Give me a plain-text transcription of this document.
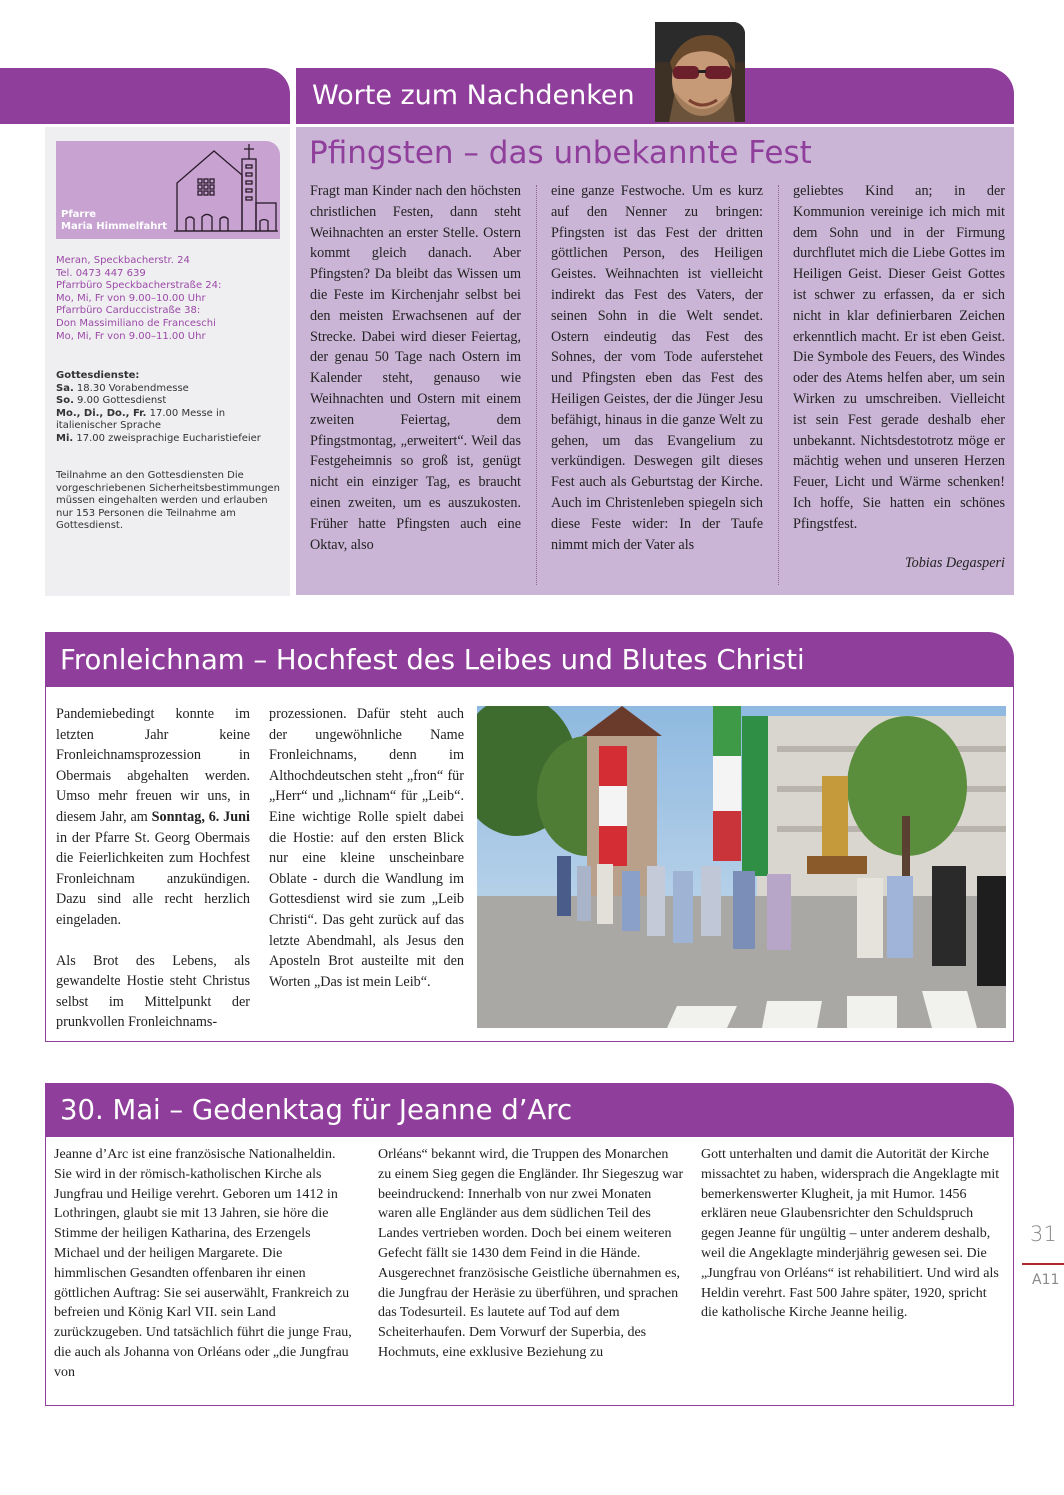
Worte zum Nachdenken
Pfarre
Maria Himmelfahrt
Meran, Speckbacherstr. 24
Tel. 0473 447 639
Pfarrbüro Speckbacherstraße 24:
Mo, Mi, Fr von 9.00–10.00 Uhr
Pfarrbüro Carduccistraße 38:
Don Massimiliano de Franceschi
Mo, Mi, Fr von 9.00–11.00 Uhr
Gottesdienste:
Sa. 18.30 Vorabendmesse
So. 9.00 Gottesdienst
Mo., Di., Do., Fr. 17.00 Messe in italienischer Sprache
Mi. 17.00 zweisprachige Eucharistiefeier
Teilnahme an den Gottesdiensten Die vorgeschriebenen Sicherheitsbestimmungen müssen eingehalten werden und erlauben nur 153 Personen die Teilnahme am Gottesdienst.
Pfingsten – das unbekannte Fest
Fragt man Kinder nach den höchsten christlichen Festen, dann steht Weihnachten an erster Stelle. Ostern kommt gleich danach. Aber Pfingsten? Da bleibt das Wissen um die Feste im Kirchenjahr selbst bei den meisten Erwachsenen auf der Strecke. Dabei wird dieser Feiertag, der genau 50 Tage nach Ostern im Kalender steht, genauso wie Weihnachten und Ostern mit einem zweiten Feiertag, dem Pfingstmontag, „erweitert“. Weil das Festgeheimnis so groß ist, genügt nicht ein einziger Tag, es braucht einen zweiten, um es auszukosten. Früher hatte Pfingsten auch eine Oktav, also
eine ganze Festwoche. Um es kurz auf den Nenner zu bringen: Pfingsten ist das Fest der dritten göttlichen Person, des Heiligen Geistes. Weihnachten ist vielleicht indirekt das Fest des Vaters, der seinen Sohn in die Welt sendet. Ostern eindeutig das Fest des Sohnes, der vom Tode auferstehet und Pfingsten eben das Fest des Heiligen Geistes, der die Jünger Jesu befähigt, hinaus in die ganze Welt zu gehen, um das Evangelium zu verkündigen. Deswegen gilt dieses Fest auch als Geburtstag der Kirche. Auch im Christenleben spiegeln sich diese Feste wider: In der Taufe nimmt mich der Vater als
geliebtes Kind an; in der Kommunion vereinige ich mich mit dem Sohn und in der Firmung durchflutet mich die Liebe Gottes im Heiligen Geist. Dieser Geist Gottes ist schwer zu erfassen, da er sich nicht in klar definierbaren Zeichen erkenntlich macht. Er ist eben Geist. Die Symbole des Feuers, des Windes oder des Atems helfen aber, um sein Wirken zu umschreiben. Vielleicht ist sein Fest gerade deshalb eher unbekannt. Nichtsdestotrotz möge er mächtig wehen und unseren Herzen Feuer, Licht und Wärme schenken! Ich hoffe, Sie hatten ein schönes Pfingstfest.
Tobias Degasperi
Fronleichnam – Hochfest des Leibes und Blutes Christi

Pandemiebedingt konnte im letzten Jahr keine Fronleichnamsprozession in Obermais abgehalten werden. Umso mehr freuen wir uns, in diesem Jahr, am Sonntag, 6. Juni in der Pfarre St. Georg Obermais die Feierlichkeiten zum Hochfest Fronleichnam anzukündigen. Dazu sind alle recht herzlich eingeladen.

Als Brot des Lebens, als gewandelte Hostie steht Christus selbst im Mittelpunkt der prunkvollen Fronleichnams-

prozessionen. Dafür steht auch der ungewöhnliche Name Fronleichnams, denn im Althochdeutschen steht „fron“ für „Herr“ und „lichnam“ für „Leib“. Eine wichtige Rolle spielt dabei die Hostie: auf den ersten Blick nur eine kleine unscheinbare Oblate - durch die Wandlung im Gottesdienst wird sie zum „Leib Christi“. Das geht zurück auf das letzte Abendmahl, als Jesus den Aposteln Brot austeilte mit den Worten „Das ist mein Leib“.
30. Mai – Gedenktag für Jeanne d’Arc
Jeanne d’Arc ist eine französische Nationalheldin. Sie wird in der römisch-katholischen Kirche als Jungfrau und Heilige verehrt. Geboren um 1412 in Lothringen, glaubt sie mit 13 Jahren, sie höre die Stimme der heiligen Katharina, des Erzengels Michael und der heiligen Margarete. Die himmlischen Gesandten offenbaren ihr einen göttlichen Auftrag: Sie sei auserwählt, Frankreich zu befreien und König Karl VII. sein Land zurückzugeben. Und tatsächlich führt die junge Frau, die auch als Johanna von Orléans oder „die Jungfrau von
Orléans“ bekannt wird, die Truppen des Monarchen zu einem Sieg gegen die Engländer. Ihr Siegeszug war beeindruckend: Innerhalb von nur zwei Monaten waren alle Engländer aus dem südlichen Teil des Landes vertrieben worden. Doch bei einem weiteren Gefecht fällt sie 1430 dem Feind in die Hände. Ausgerechnet französische Geistliche übernahmen es, die Jungfrau der Heräsie zu überführen, und sprachen das Todesurteil. Es lautete auf Tod auf dem Scheiterhaufen. Dem Vorwurf der Superbia, des Hochmuts, eine exklusive Beziehung zu
Gott unterhalten und damit die Autorität der Kirche missachtet zu haben, widersprach die Angeklagte mit bemerkenswerter Klugheit, ja mit Humor. 1456 erklären neue Glaubensrichter den Schuldspruch gegen Jeanne für ungültig – unter anderem deshalb, weil die Angeklagte minderjährig gewesen sei. Die „Jungfrau von Orléans“ ist rehabilitiert. Und wird als Heldin verehrt. Fast 500 Jahre später, 1920, spricht die katholische Kirche Jeanne heilig.
31
A11
